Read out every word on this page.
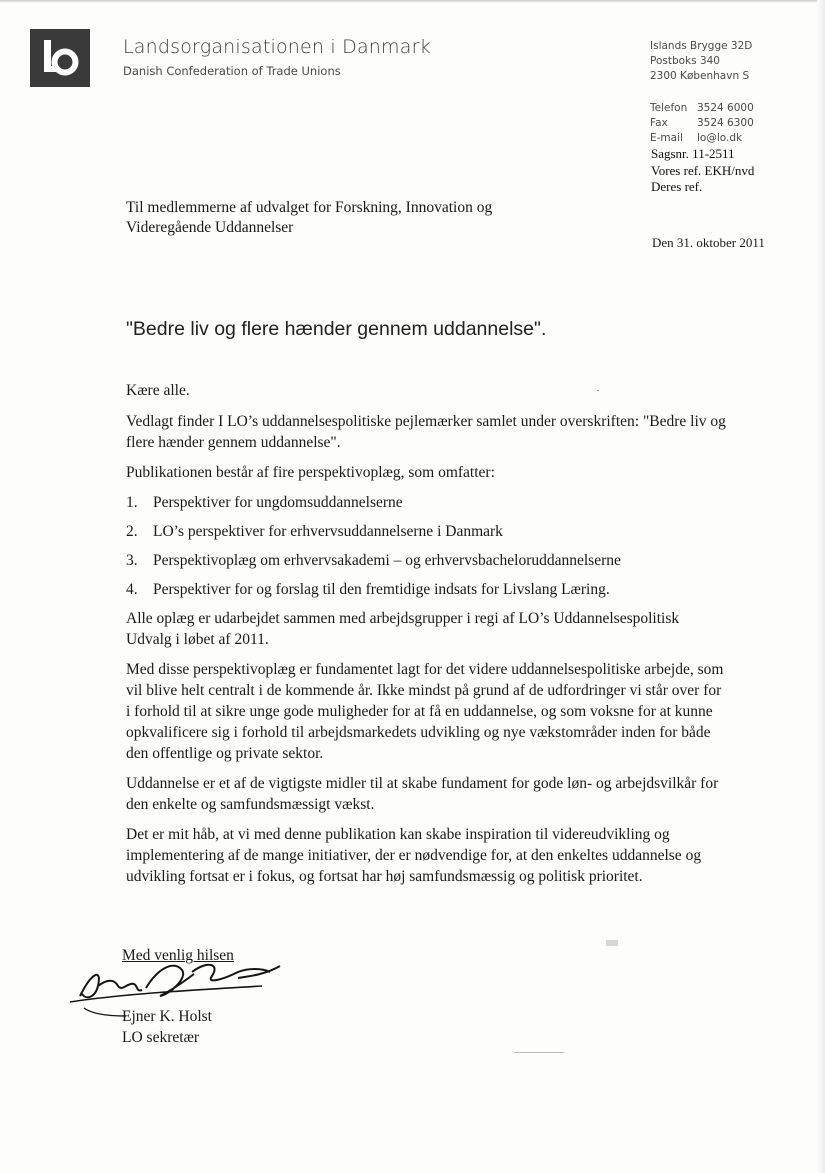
Landsorganisationen i Danmark
Danish Confederation of Trade Unions
Islands Brygge 32D
Postboks 340
2300 København S
Telefon 3524 6000
Fax	3524 6300
E-mail lo@lo.dk
Sagsnr. 11-2511
Vores ref. EKH/nvd
Deres ref.
Til medlemmerne af udvalget for Forskning, Innovation og Videregående Uddannelser
Den 31. oktober 2011
"Bedre liv og flere hænder gennem uddannelse".

Kære alle.

Vedlagt finder I LO’s uddannelsespolitiske pejlemærker samlet under overskriften: "Bedre liv og flere hænder gennem uddannelse".

Publikationen består af fire perspektivoplæg, som omfatter:

1. Perspektiver for ungdomsuddannelserne
2. LO’s perspektiver for erhvervsuddannelserne i Danmark
3. Perspektivoplæg om erhvervsakademi – og erhvervsbacheloruddannelserne
4. Perspektiver for og forslag til den fremtidige indsats for Livslang Læring.

Alle oplæg er udarbejdet sammen med arbejdsgrupper i regi af LO’s Uddannelsespolitisk Udvalg i løbet af 2011.

Med disse perspektivoplæg er fundamentet lagt for det videre uddannelsespolitiske arbejde, som vil blive helt centralt i de kommende år. Ikke mindst på grund af de udfordringer vi står over for i forhold til at sikre unge gode muligheder for at få en uddannelse, og som voksne for at kunne opkvalificere sig i forhold til arbejdsmarkedets udvikling og nye vækstområder inden for både den offentlige og private sektor.

Uddannelse er et af de vigtigste midler til at skabe fundament for gode løn- og arbejdsvilkår for den enkelte og samfundsmæssigt vækst.

Det er mit håb, at vi med denne publikation kan skabe inspiration til videreudvikling og implementering af de mange initiativer, der er nødvendige for, at den enkeltes uddannelse og udvikling fortsat er i fokus, og fortsat har høj samfundsmæssig og politisk prioritet.

Med venlig hilsen
Ejner K. Holst
LO sekretær
